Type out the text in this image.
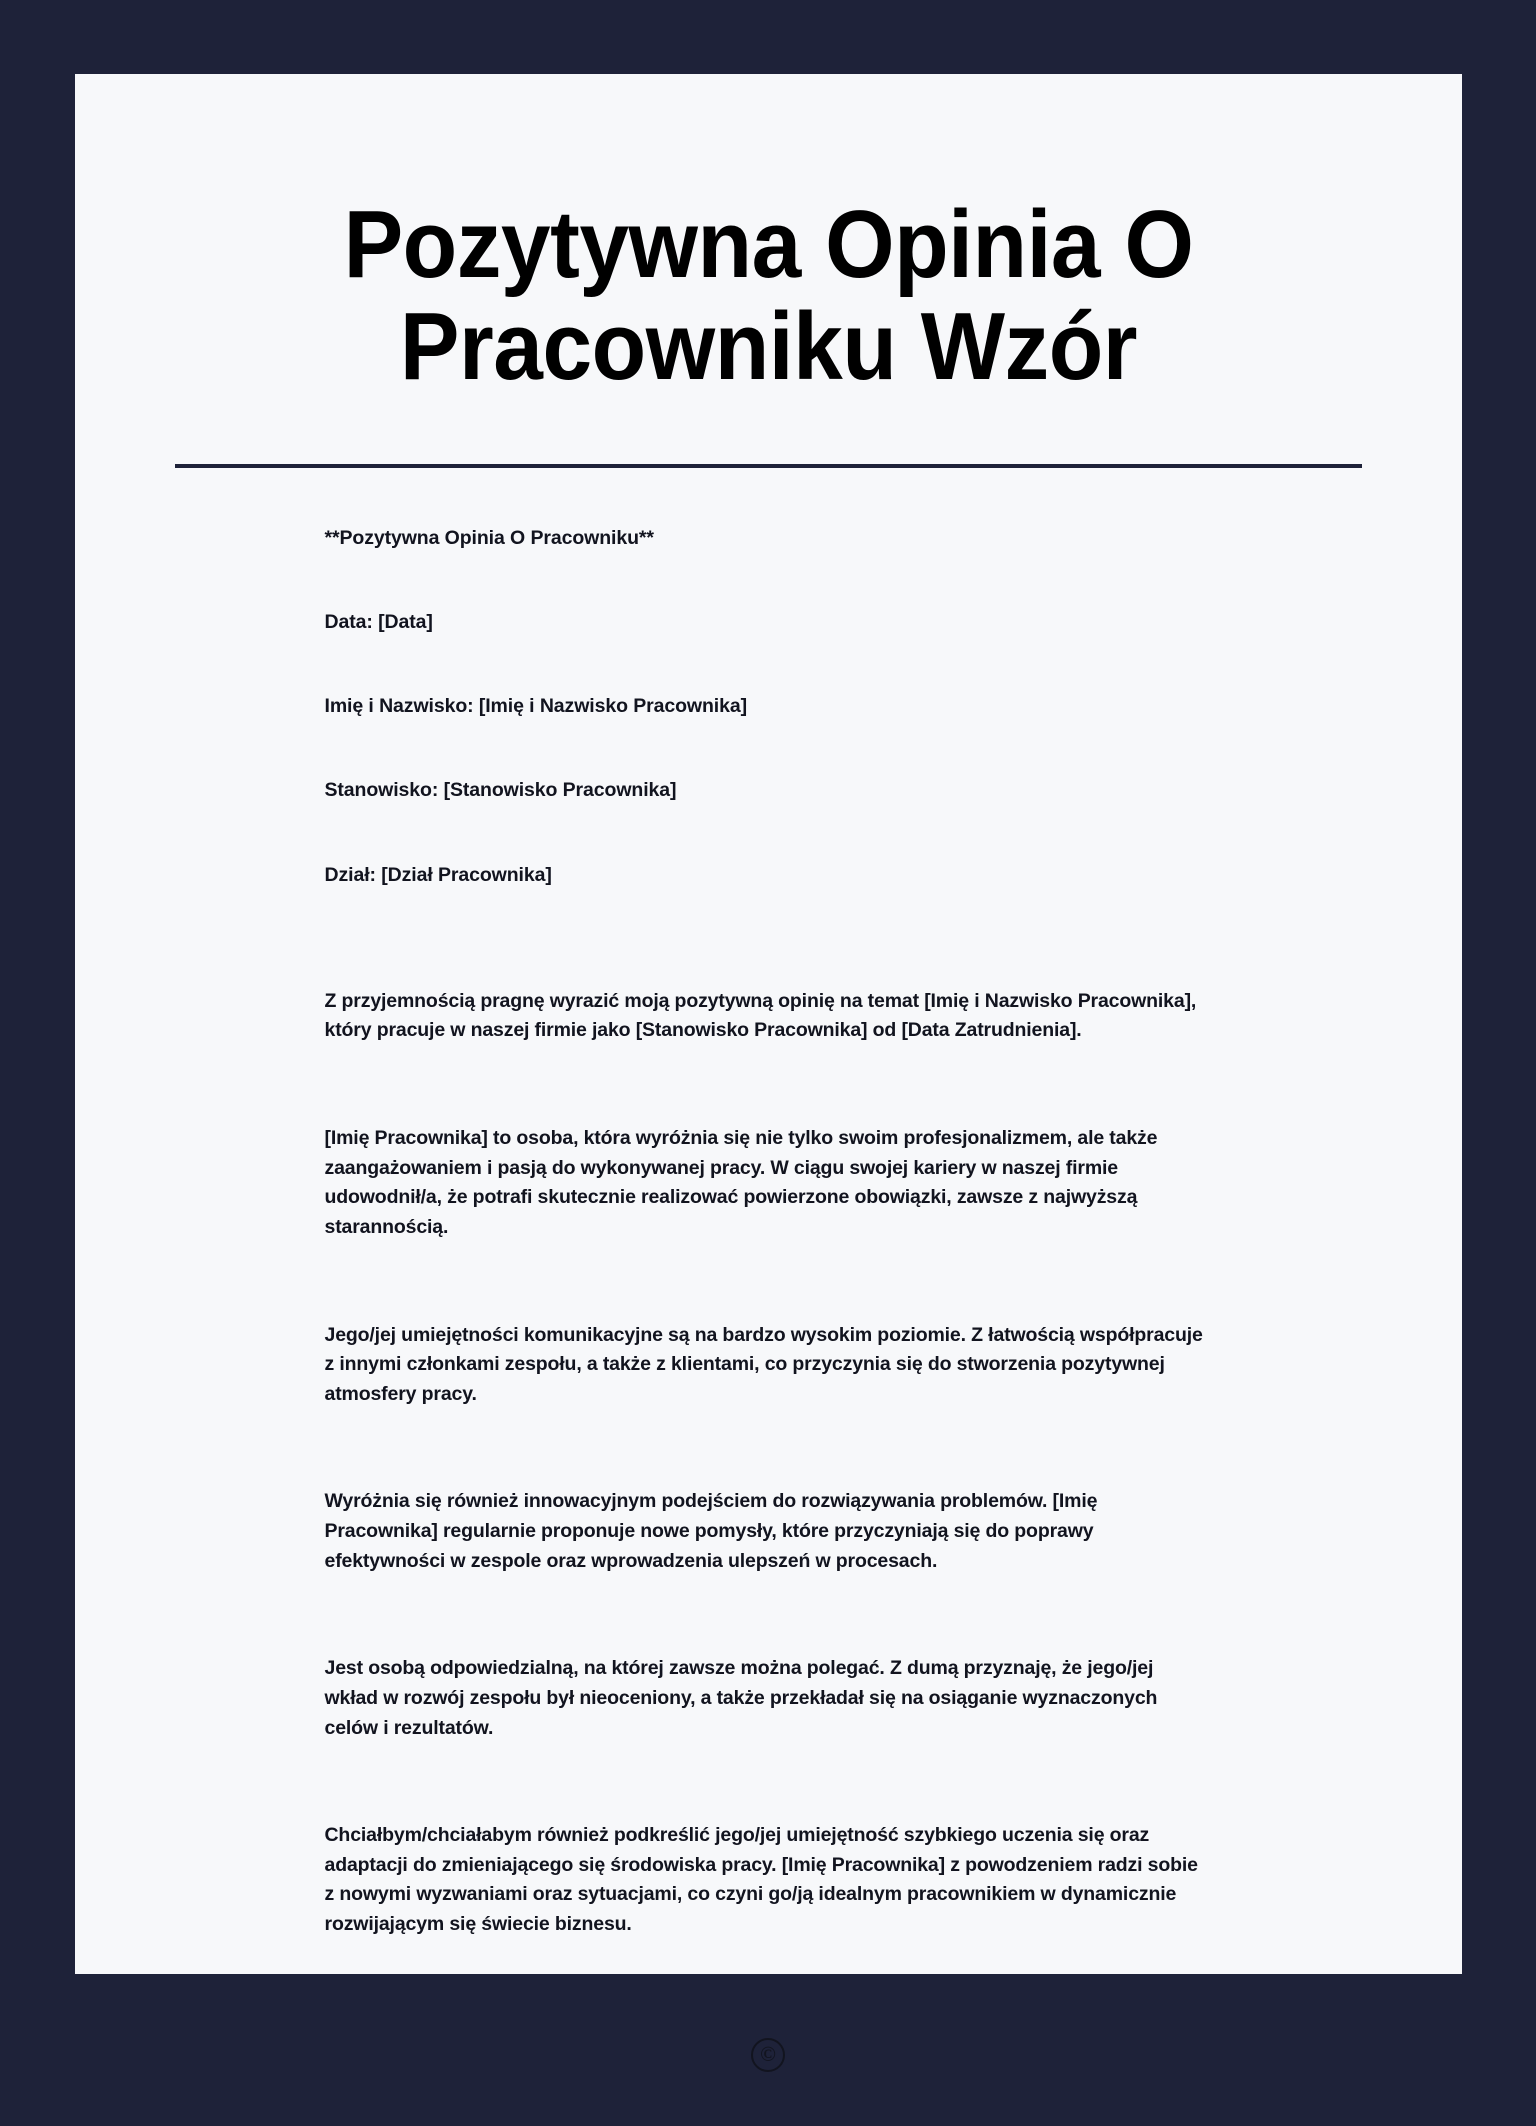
Pozytywna Opinia O Pracowniku Wzór

**Pozytywna Opinia O Pracowniku**

Data: [Data]

Imię i Nazwisko: [Imię i Nazwisko Pracownika]

Stanowisko: [Stanowisko Pracownika]

Dział: [Dział Pracownika]

Z przyjemnością pragnę wyrazić moją pozytywną opinię na temat [Imię i Nazwisko Pracownika], który pracuje w naszej firmie jako [Stanowisko Pracownika] od [Data Zatrudnienia].

[Imię Pracownika] to osoba, która wyróżnia się nie tylko swoim profesjonalizmem, ale także zaangażowaniem i pasją do wykonywanej pracy. W ciągu swojej kariery w naszej firmie udowodnił/a, że potrafi skutecznie realizować powierzone obowiązki, zawsze z najwyższą starannością.

Jego/jej umiejętności komunikacyjne są na bardzo wysokim poziomie. Z łatwością współpracuje z innymi członkami zespołu, a także z klientami, co przyczynia się do stworzenia pozytywnej atmosfery pracy.

Wyróżnia się również innowacyjnym podejściem do rozwiązywania problemów. [Imię Pracownika] regularnie proponuje nowe pomysły, które przyczyniają się do poprawy efektywności w zespole oraz wprowadzenia ulepszeń w procesach.

Jest osobą odpowiedzialną, na której zawsze można polegać. Z dumą przyznaję, że jego/jej wkład w rozwój zespołu był nieoceniony, a także przekładał się na osiąganie wyznaczonych celów i rezultatów.

Chciałbym/chciałabym również podkreślić jego/jej umiejętność szybkiego uczenia się oraz adaptacji do zmieniającego się środowiska pracy. [Imię Pracownika] z powodzeniem radzi sobie z nowymi wyzwaniami oraz sytuacjami, co czyni go/ją idealnym pracownikiem w dynamicznie rozwijającym się świecie biznesu.

©
